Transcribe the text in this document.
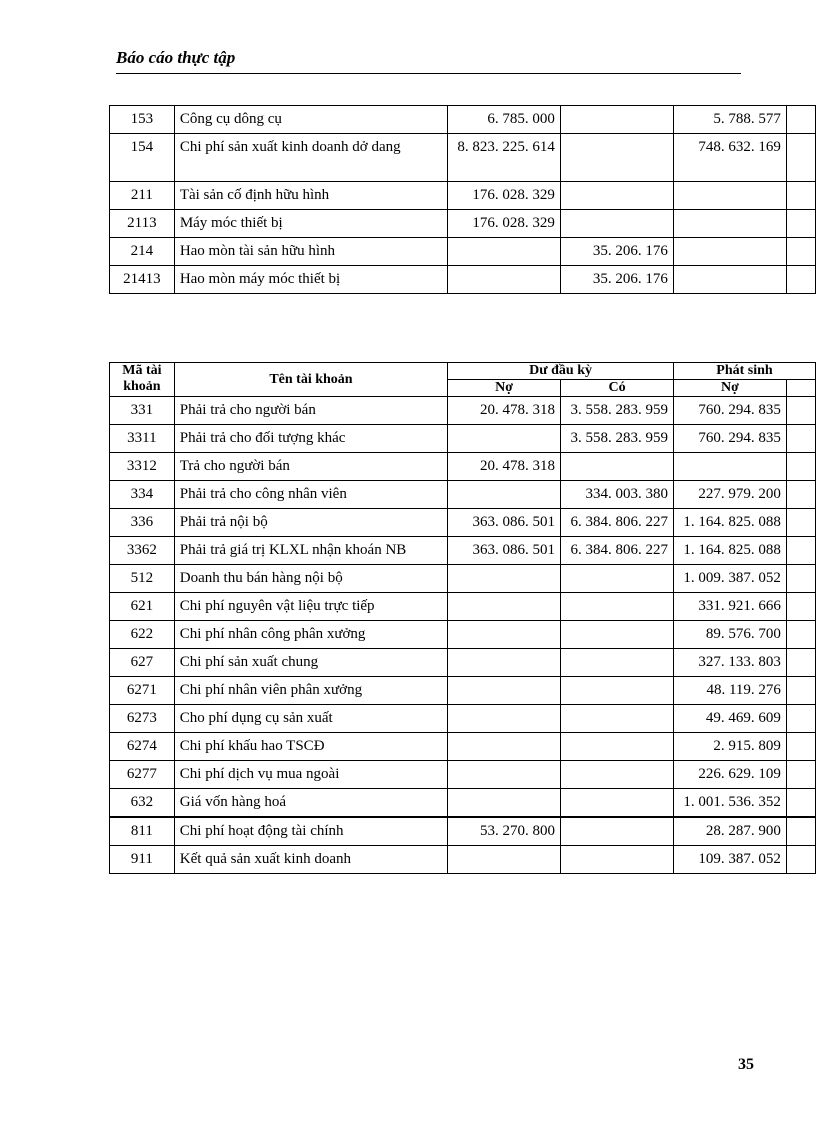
Báo cáo thực tập
153	Công cụ dông cụ	6. 785. 000		5. 788. 577	
154	Chi phí sản xuất kinh doanh dở dang	8. 823. 225. 614		748. 632. 169	
211	Tài sản cố định hữu hình	176. 028. 329			
2113	Máy móc thiết bị	176. 028. 329			
214	Hao mòn tài sản hữu hình		35. 206. 176		
21413	Hao mòn máy móc thiết bị		35. 206. 176		
Mã tài khoản	Tên tài khoản	Dư đầu kỳ		Phát sinh	
		Nợ	Có	Nợ	
331	Phải trả cho người bán	20. 478. 318	3. 558. 283. 959	760. 294. 835	
3311	Phải trả cho đối tượng khác		3. 558. 283. 959	760. 294. 835	
3312	Trả cho người bán	20. 478. 318			
334	Phải trả cho công nhân viên		334. 003. 380	227. 979. 200	
336	Phải trả nội bộ	363. 086. 501	6. 384. 806. 227	1. 164. 825. 088	
3362	Phải trả giá trị KLXL nhận khoán NB	363. 086. 501	6. 384. 806. 227	1. 164. 825. 088	
512	Doanh thu bán hàng nội bộ			1. 009. 387. 052	
621	Chi phí nguyên vật liệu trực tiếp			331. 921. 666	
622	Chi phí nhân công phân xưởng			89. 576. 700	
627	Chi phí sản xuất chung			327. 133. 803	
6271	Chi phí nhân viên phân xưởng			48. 119. 276	
6273	Cho phí dụng cụ sản xuất			49. 469. 609	
6274	Chi phí khấu hao TSCĐ			2. 915. 809	
6277	Chi phí dịch vụ mua ngoài			226. 629. 109	
632	Giá vốn hàng hoá			1. 001. 536. 352	
811	Chi phí hoạt động tài chính	53. 270. 800		28. 287. 900	
911	Kết quả sản xuất kinh doanh			109. 387. 052	
35
